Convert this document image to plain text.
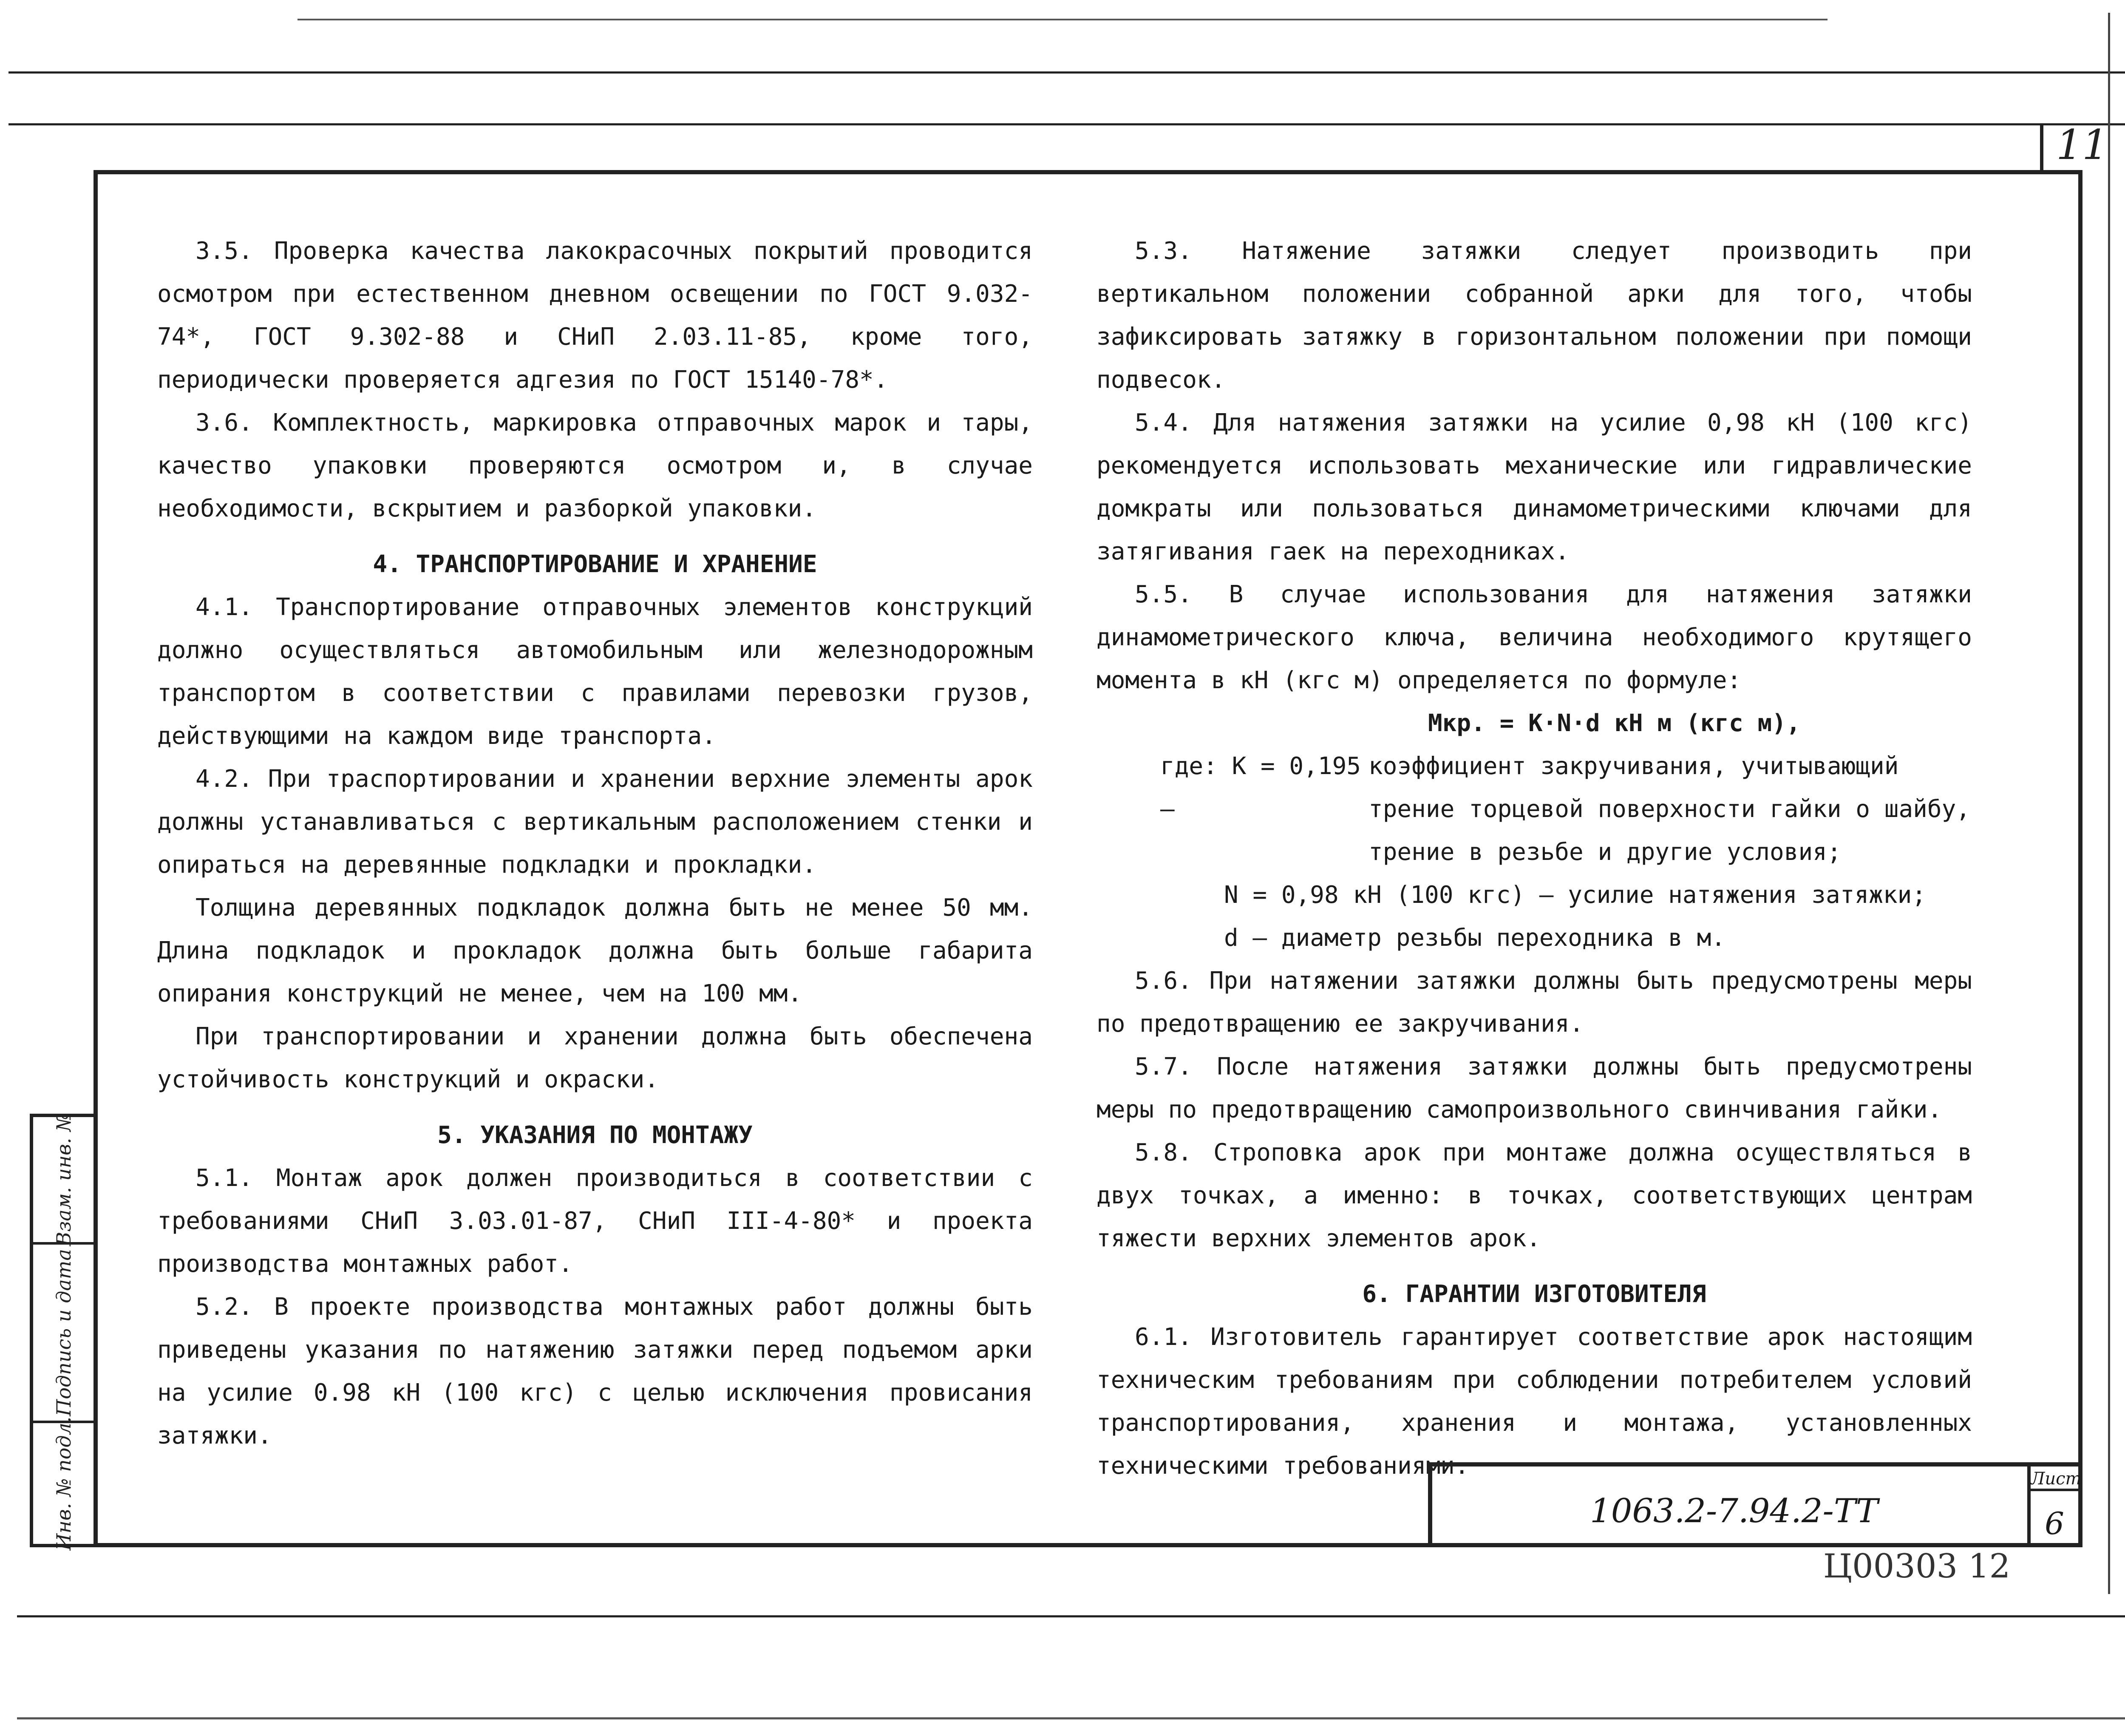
11
Взам. инв. №
Подпись и дата
Инв. № подл.

3.5. Проверка качества лакокрасочных покрытий проводится осмотром при естественном дневном освещении по ГОСТ 9.032-74*, ГОСТ 9.302-88 и СНиП 2.03.11-85, кроме того, периодически проверяется адгезия по ГОСТ 15140-78*.

3.6. Комплектность, маркировка отправочных марок и тары, качество упаковки проверяются осмотром и, в случае необходимости, вскрытием и разборкой упаковки.

4. ТРАНСПОРТИРОВАНИЕ И ХРАНЕНИЕ

4.1. Транспортирование отправочных элементов конструкций должно осуществляться автомобильным или железнодорожным транспортом в соответствии с правилами перевозки грузов, действующими на каждом виде транспорта.

4.2. При траспортировании и хранении верхние элементы арок должны устанавливаться с вертикальным расположением стенки и опираться на деревянные подкладки и прокладки.

Толщина деревянных подкладок должна быть не менее 50 мм. Длина подкладок и прокладок должна быть больше габарита опирания конструкций не менее, чем на 100 мм.

При транспортировании и хранении должна быть обеспечена устойчивость конструкций и окраски.

5. УКАЗАНИЯ ПО МОНТАЖУ

5.1. Монтаж арок должен производиться в соответствии с требованиями СНиП 3.03.01-87, СНиП III-4-80* и проекта производства монтажных работ.

5.2. В проекте производства монтажных работ должны быть приведены указания по натяжению затяжки перед подъемом арки на усилие 0.98 кН (100 кгс) с целью исключения провисания затяжки.

5.3. Натяжение затяжки следует производить при вертикальном положении собранной арки для того, чтобы зафиксировать затяжку в горизонтальном положении при помощи подвесок.

5.4. Для натяжения затяжки на усилие 0,98 кН (100 кгс) рекомендуется использовать механические или гидравлические домкраты или пользоваться динамометрическими ключами для затягивания гаек на переходниках.

5.5. В случае использования для натяжения затяжки динамометрического ключа, величина необходимого крутящего момента в кН (кгс м) определяется по формуле:

Мкр. = К·N·d кН м (кгс м),
где: К = 0,195 –
коэффициент закручивания, учитывающий
трение торцевой поверхности гайки о шайбу,
трение в резьбе и другие условия;
N = 0,98 кН (100 кгс) – усилие натяжения затяжки;
d – диаметр резьбы переходника в м.

5.6. При натяжении затяжки должны быть предусмотрены меры по предотвращению ее закручивания.

5.7. После натяжения затяжки должны быть предусмотрены меры по предотвращению самопроизвольного свинчивания гайки.

5.8. Строповка арок при монтаже должна осуществляться в двух точках, а именно: в точках, соответствующих центрам тяжести верхних элементов арок.

6. ГАРАНТИИ ИЗГОТОВИТЕЛЯ

6.1. Изготовитель гарантирует соответствие арок настоящим техническим требованиям при соблюдении потребителем условий транспортирования, хранения и монтажа, установленных техническими требованиями.

1063.2-7.94.2-ТТ
Лист
6
Ц00303 12
